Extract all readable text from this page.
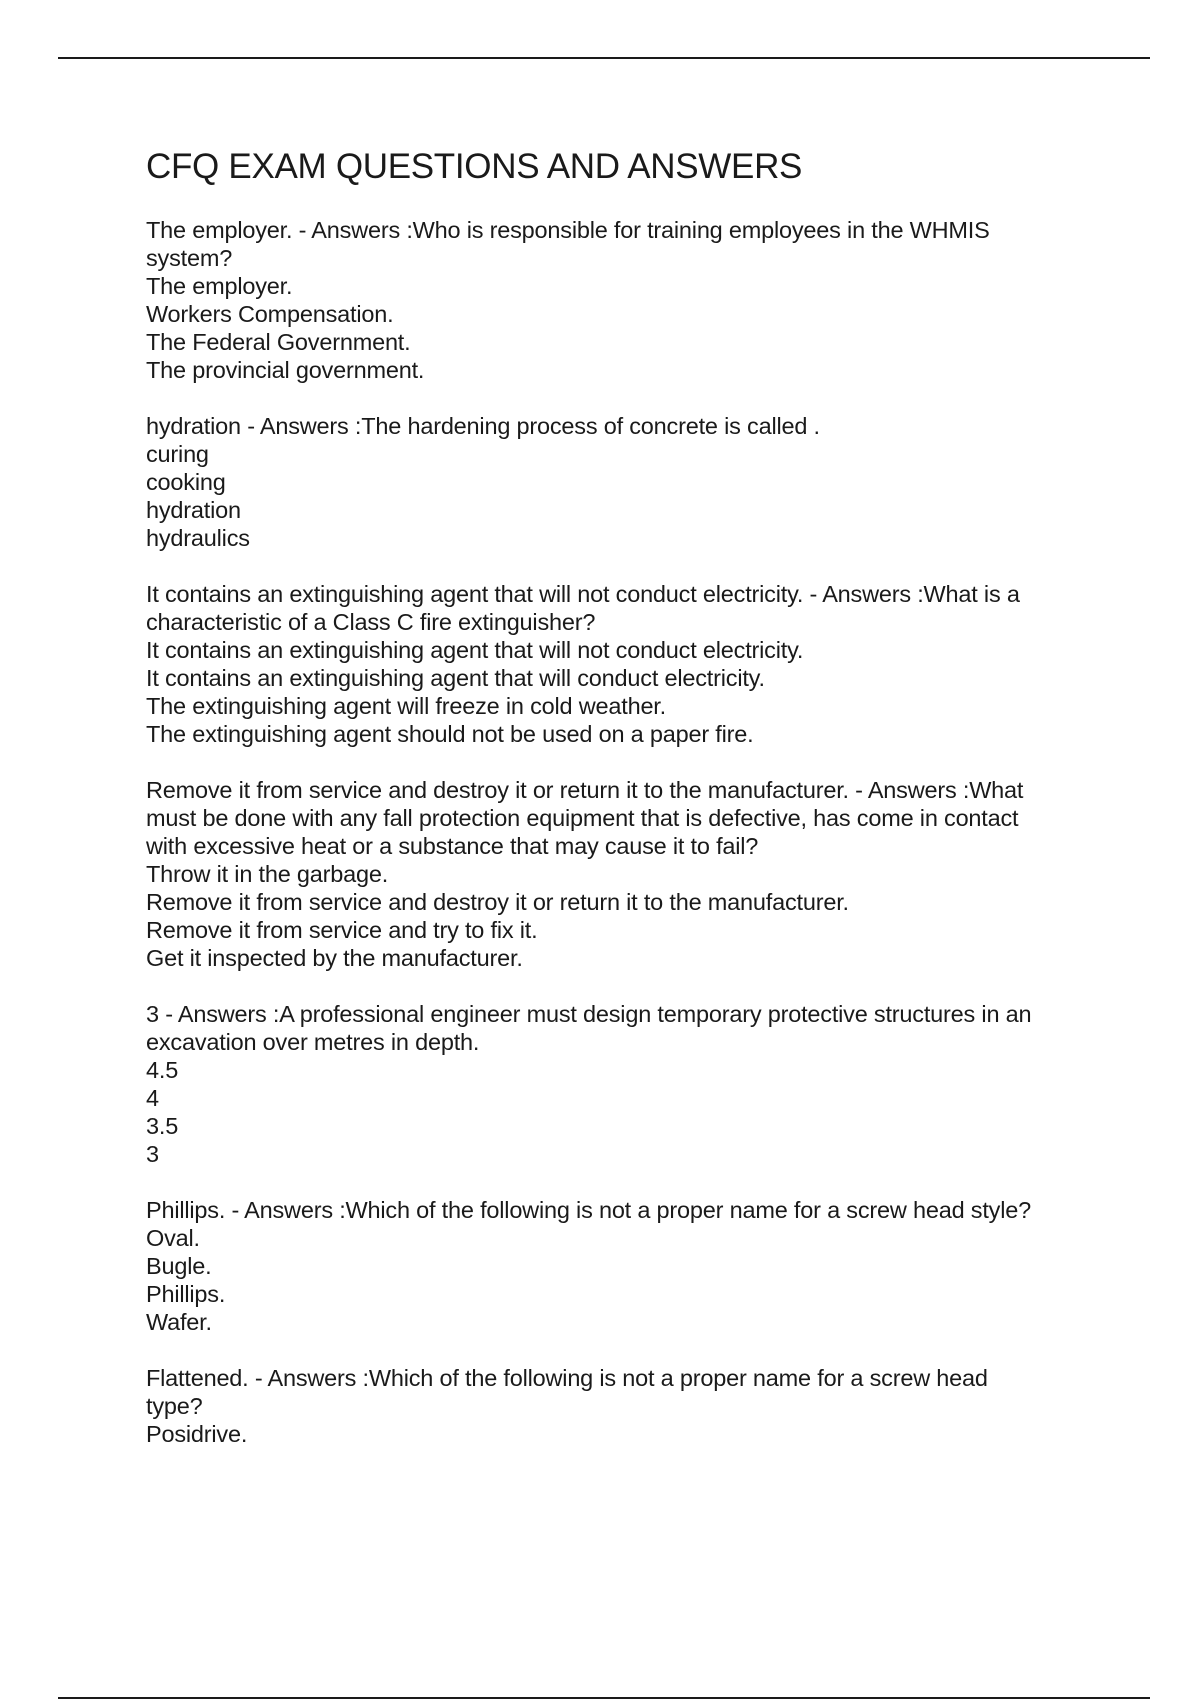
CFQ EXAM QUESTIONS AND ANSWERS
The employer. - Answers :Who is responsible for training employees in the WHMIS
system?
The employer.
Workers Compensation.
The Federal Government.
The provincial government.
hydration - Answers :The hardening process of concrete is called .
curing
cooking
hydration
hydraulics
It contains an extinguishing agent that will not conduct electricity. - Answers :What is a
characteristic of a Class C fire extinguisher?
It contains an extinguishing agent that will not conduct electricity.
It contains an extinguishing agent that will conduct electricity.
The extinguishing agent will freeze in cold weather.
The extinguishing agent should not be used on a paper fire.
Remove it from service and destroy it or return it to the manufacturer. - Answers :What
must be done with any fall protection equipment that is defective, has come in contact
with excessive heat or a substance that may cause it to fail?
Throw it in the garbage.
Remove it from service and destroy it or return it to the manufacturer.
Remove it from service and try to fix it.
Get it inspected by the manufacturer.
3 - Answers :A professional engineer must design temporary protective structures in an
excavation over metres in depth.
4.5
4
3.5
3
Phillips. - Answers :Which of the following is not a proper name for a screw head style?
Oval.
Bugle.
Phillips.
Wafer.
Flattened. - Answers :Which of the following is not a proper name for a screw head
type?
Posidrive.
